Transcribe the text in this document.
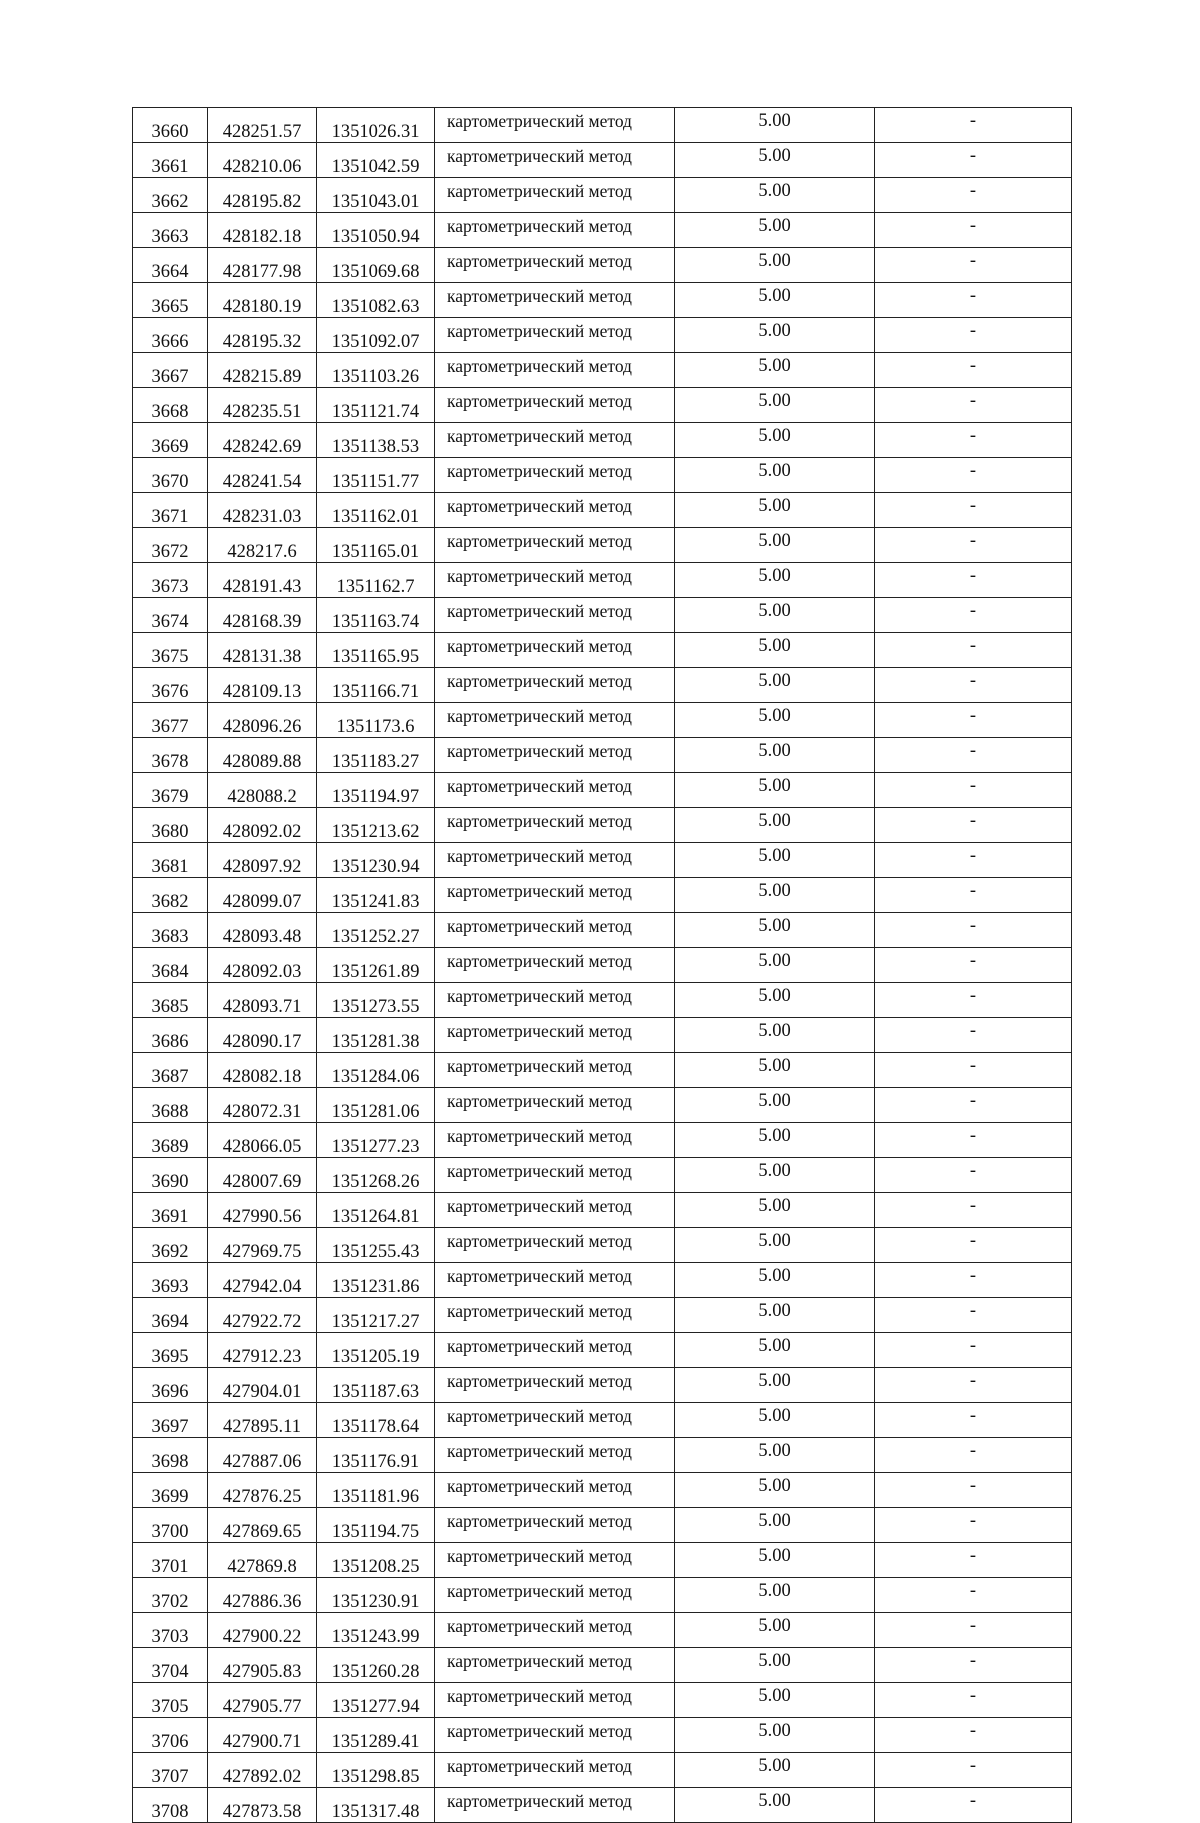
3660	428251.57	1351026.31	картометрический метод	5.00	-
3661	428210.06	1351042.59	картометрический метод	5.00	-
3662	428195.82	1351043.01	картометрический метод	5.00	-
3663	428182.18	1351050.94	картометрический метод	5.00	-
3664	428177.98	1351069.68	картометрический метод	5.00	-
3665	428180.19	1351082.63	картометрический метод	5.00	-
3666	428195.32	1351092.07	картометрический метод	5.00	-
3667	428215.89	1351103.26	картометрический метод	5.00	-
3668	428235.51	1351121.74	картометрический метод	5.00	-
3669	428242.69	1351138.53	картометрический метод	5.00	-
3670	428241.54	1351151.77	картометрический метод	5.00	-
3671	428231.03	1351162.01	картометрический метод	5.00	-
3672	428217.6	1351165.01	картометрический метод	5.00	-
3673	428191.43	1351162.7	картометрический метод	5.00	-
3674	428168.39	1351163.74	картометрический метод	5.00	-
3675	428131.38	1351165.95	картометрический метод	5.00	-
3676	428109.13	1351166.71	картометрический метод	5.00	-
3677	428096.26	1351173.6	картометрический метод	5.00	-
3678	428089.88	1351183.27	картометрический метод	5.00	-
3679	428088.2	1351194.97	картометрический метод	5.00	-
3680	428092.02	1351213.62	картометрический метод	5.00	-
3681	428097.92	1351230.94	картометрический метод	5.00	-
3682	428099.07	1351241.83	картометрический метод	5.00	-
3683	428093.48	1351252.27	картометрический метод	5.00	-
3684	428092.03	1351261.89	картометрический метод	5.00	-
3685	428093.71	1351273.55	картометрический метод	5.00	-
3686	428090.17	1351281.38	картометрический метод	5.00	-
3687	428082.18	1351284.06	картометрический метод	5.00	-
3688	428072.31	1351281.06	картометрический метод	5.00	-
3689	428066.05	1351277.23	картометрический метод	5.00	-
3690	428007.69	1351268.26	картометрический метод	5.00	-
3691	427990.56	1351264.81	картометрический метод	5.00	-
3692	427969.75	1351255.43	картометрический метод	5.00	-
3693	427942.04	1351231.86	картометрический метод	5.00	-
3694	427922.72	1351217.27	картометрический метод	5.00	-
3695	427912.23	1351205.19	картометрический метод	5.00	-
3696	427904.01	1351187.63	картометрический метод	5.00	-
3697	427895.11	1351178.64	картометрический метод	5.00	-
3698	427887.06	1351176.91	картометрический метод	5.00	-
3699	427876.25	1351181.96	картометрический метод	5.00	-
3700	427869.65	1351194.75	картометрический метод	5.00	-
3701	427869.8	1351208.25	картометрический метод	5.00	-
3702	427886.36	1351230.91	картометрический метод	5.00	-
3703	427900.22	1351243.99	картометрический метод	5.00	-
3704	427905.83	1351260.28	картометрический метод	5.00	-
3705	427905.77	1351277.94	картометрический метод	5.00	-
3706	427900.71	1351289.41	картометрический метод	5.00	-
3707	427892.02	1351298.85	картометрический метод	5.00	-
3708	427873.58	1351317.48	картометрический метод	5.00	-
